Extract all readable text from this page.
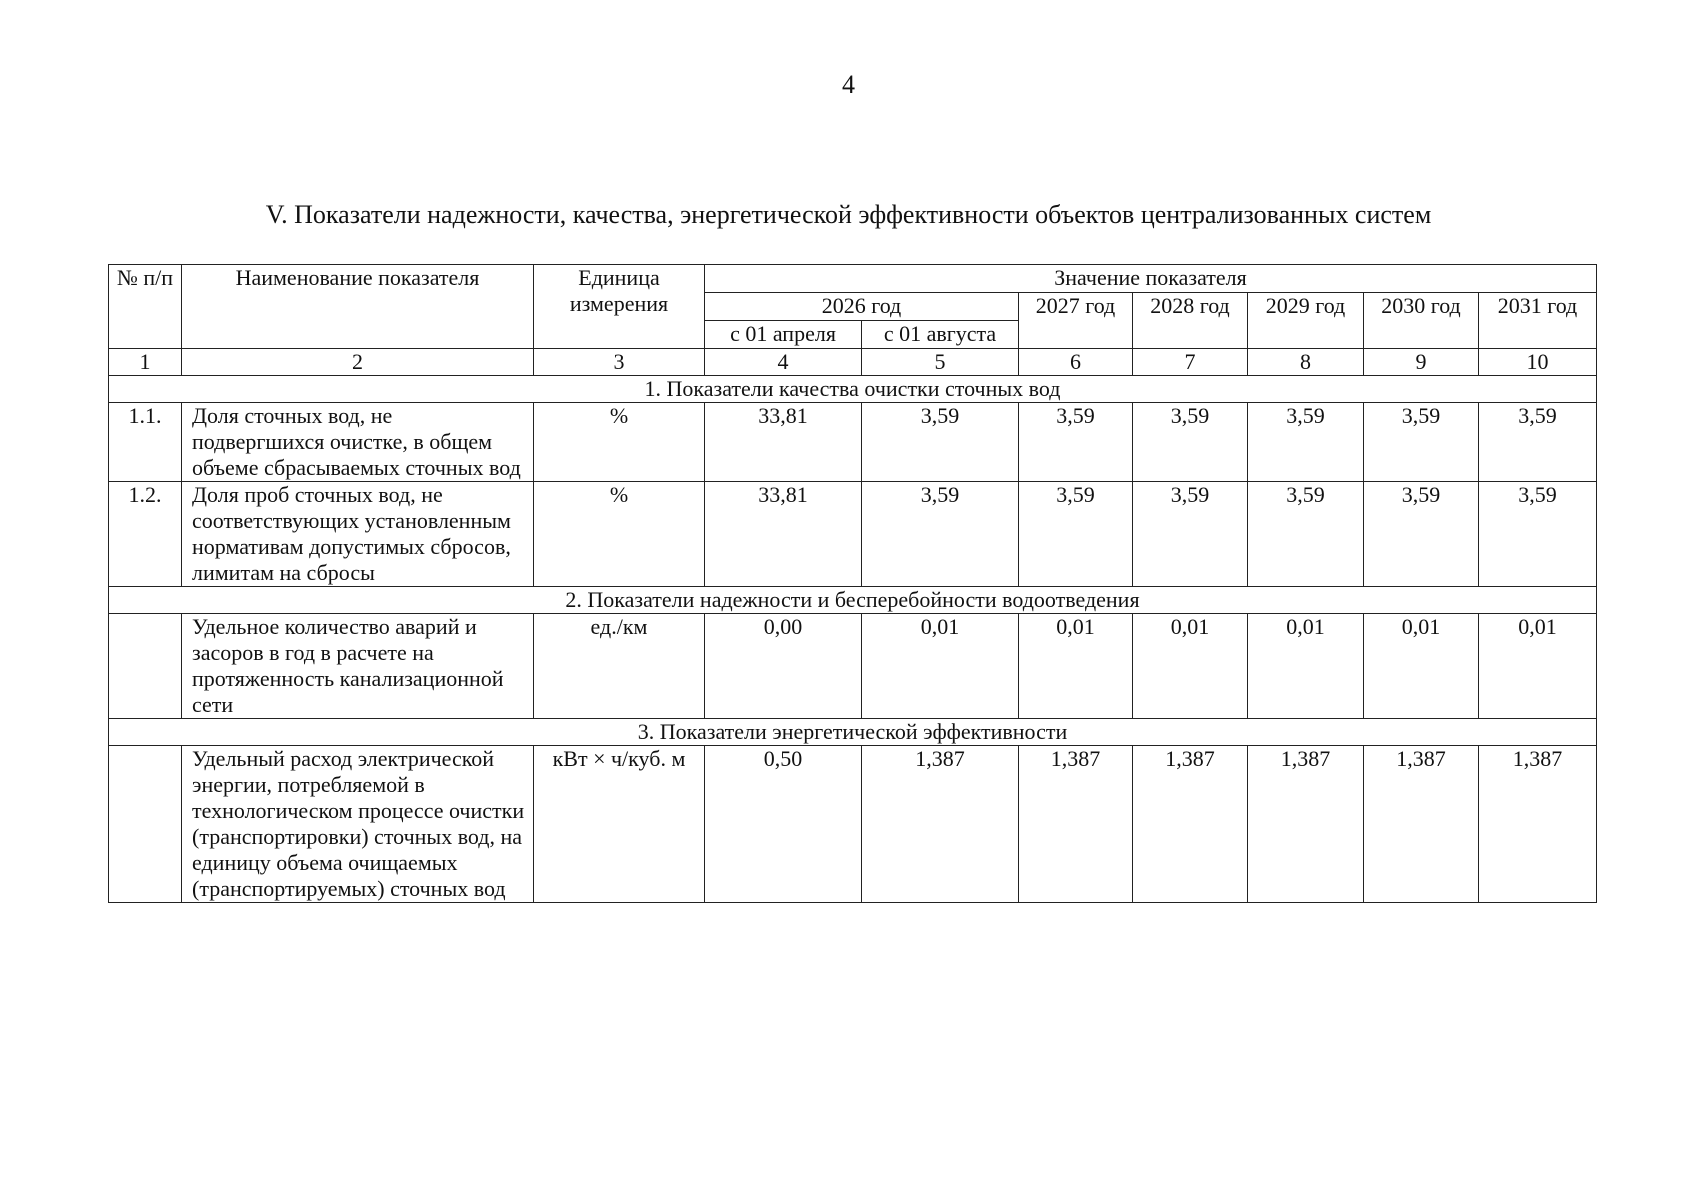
4
V. Показатели надежности, качества, энергетической эффективности объектов централизованных систем
№ п/п	Наименование показателя	Единица измерения	Значение показателя						
			2026 год		2027 год	2028 год	2029 год	2030 год	2031 год
			с 01 апреля	с 01 августа					
1	2	3	4	5	6	7	8	9	10
1. Показатели качества очистки сточных вод									
1.1.	Доля сточных вод, не подвергшихся очистке, в общем объеме сбрасываемых сточных вод	%	33,81	3,59	3,59	3,59	3,59	3,59	3,59
1.2.	Доля проб сточных вод, не соответствующих установленным нормативам допустимых сбросов, лимитам на сбросы	%	33,81	3,59	3,59	3,59	3,59	3,59	3,59
2. Показатели надежности и бесперебойности водоотведения									
	Удельное количество аварий и засоров в год в расчете на протяженность канализационной сети	ед./км	0,00	0,01	0,01	0,01	0,01	0,01	0,01
3. Показатели энергетической эффективности									
	Удельный расход электрической энергии, потребляемой в технологическом процессе очистки (транспортировки) сточных вод, на единицу объема очищаемых (транспортируемых) сточных вод	кВт × ч/куб. м	0,50	1,387	1,387	1,387	1,387	1,387	1,387
